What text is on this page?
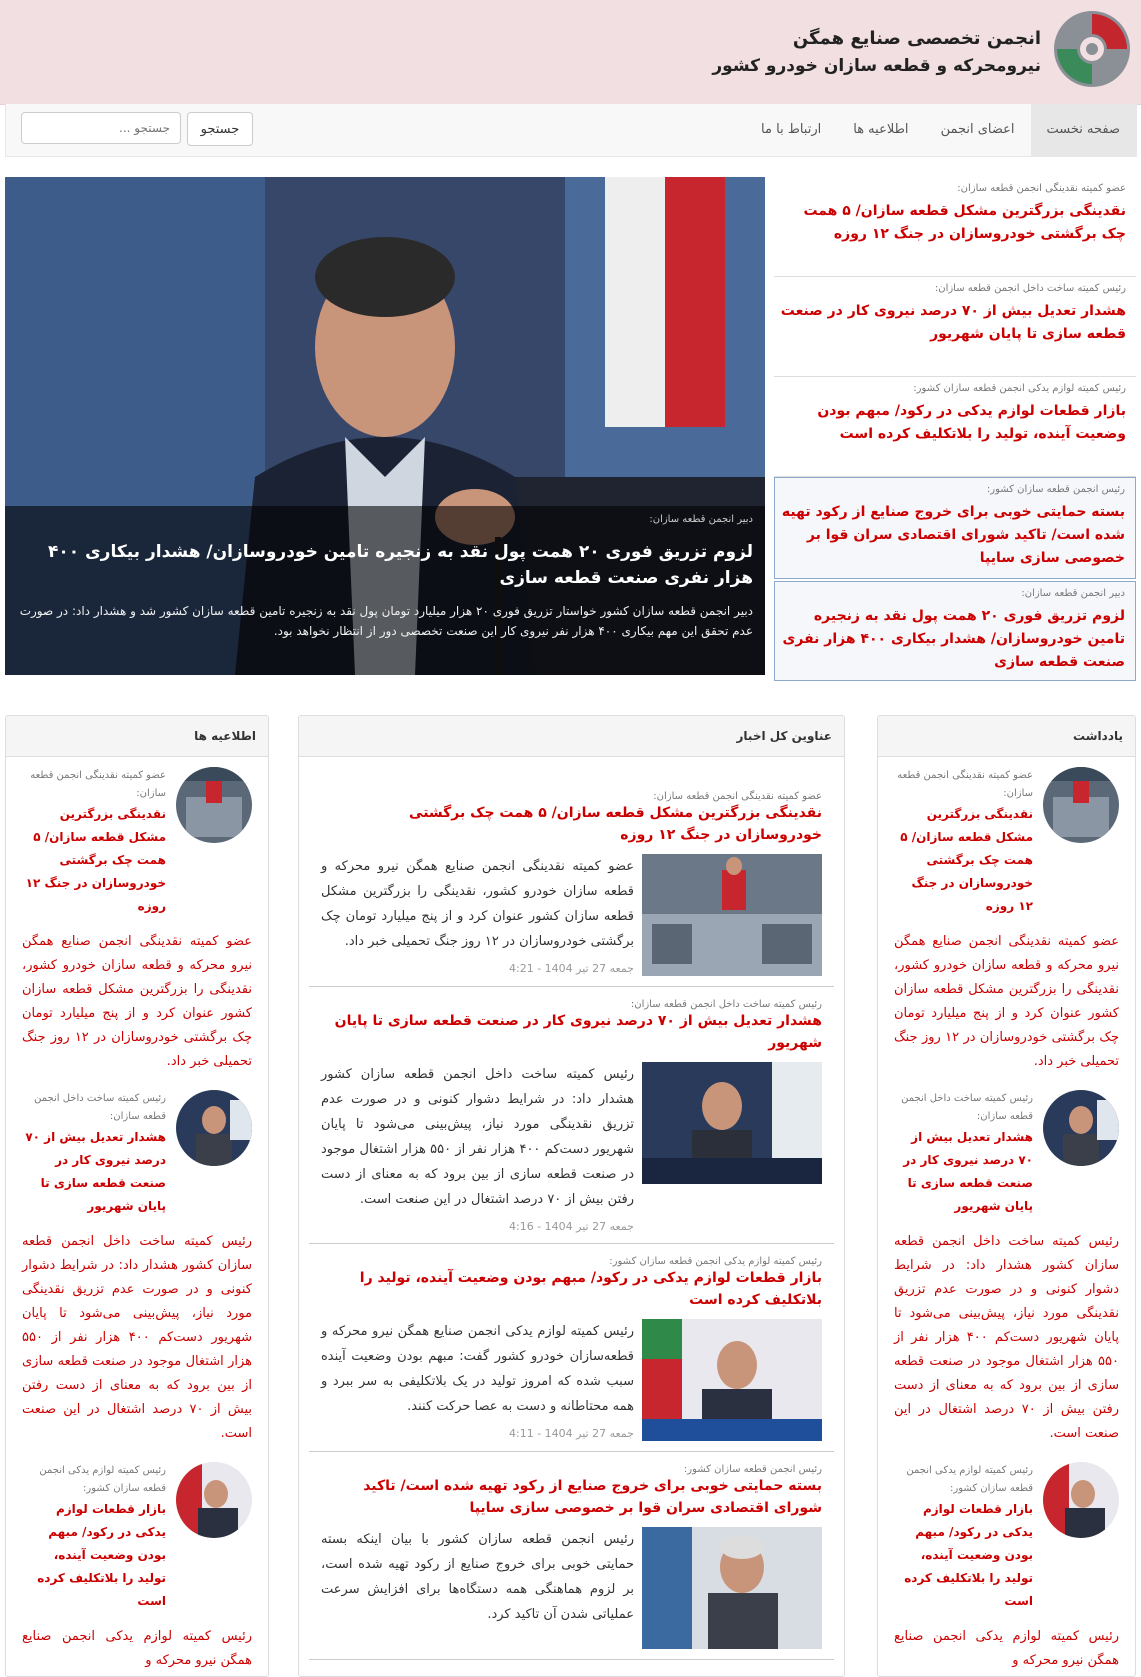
انجمن تخصصی صنایع همگن
نیرومحرکه و قطعه سازان خودرو کشور
صفحه نخست
اعضای انجمن
اطلاعیه ها
ارتباط با ما
جستجو ...
جستجو
دبیر انجمن قطعه سازان:
لزوم تزریق فوری ۲۰ همت پول نقد به زنجیره تامین خودروسازان/ هشدار بیکاری ۴۰۰ هزار نفری صنعت قطعه سازی
دبیر انجمن قطعه سازان کشور خواستار تزریق فوری ۲۰ هزار میلیارد تومان پول نقد به زنجیره تامین قطعه سازان کشور شد و هشدار داد: در صورت عدم تحقق این مهم بیکاری ۴۰۰ هزار نفر نیروی کار این صنعت تخصصی دور از انتظار نخواهد بود.
عضو کمیته نقدینگی انجمن قطعه سازان:
نقدینگی بزرگترین مشکل قطعه سازان/ ۵ همت چک برگشتی خودروسازان در جنگ ۱۲ روزه
رئیس کمیته ساخت داخل انجمن قطعه سازان:
هشدار تعدیل بیش از ۷۰ درصد نیروی کار در صنعت قطعه سازی تا پایان شهریور
رئیس کمیته لوازم یدکی انجمن قطعه سازان کشور:
بازار قطعات لوازم یدکی در رکود/ مبهم بودن وضعیت آینده، تولید را بلاتکلیف کرده است
رئیس انجمن قطعه سازان کشور:
بسته حمایتی خوبی برای خروج صنایع از رکود تهیه شده است/ تاکید شورای اقتصادی سران قوا بر خصوصی سازی سایپا
دبیر انجمن قطعه سازان:
لزوم تزریق فوری ۲۰ همت پول نقد به زنجیره تامین خودروسازان/ هشدار بیکاری ۴۰۰ هزار نفری صنعت قطعه سازی
یادداشت
عضو کمیته نقدینگی انجمن قطعه سازان:
نقدینگی بزرگترین مشکل قطعه سازان/ ۵ همت چک برگشتی خودروسازان در جنگ ۱۲ روزه
عضو کمیته نقدینگی انجمن صنایع همگن نیرو محرکه و قطعه سازان خودرو کشور، نقدینگی را بزرگترین مشکل قطعه سازان کشور عنوان کرد و از پنج میلیارد تومان چک برگشتی خودروسازان در ۱۲ روز جنگ تحمیلی خبر داد.
رئیس کمیته ساخت داخل انجمن قطعه سازان:
هشدار تعدیل بیش از ۷۰ درصد نیروی کار در صنعت قطعه سازی تا پایان شهریور
رئیس کمیته ساخت داخل انجمن قطعه سازان کشور هشدار داد: در شرایط دشوار کنونی و در صورت عدم تزریق نقدینگی مورد نیاز، پیش‌بینی می‌شود تا پایان شهریور دست‌کم ۴۰۰ هزار نفر از ۵۵۰ هزار اشتغال موجود در صنعت قطعه سازی از بین برود که به معنای از دست رفتن بیش از ۷۰ درصد اشتغال در این صنعت است.
رئیس کمیته لوازم یدکی انجمن قطعه سازان کشور:
بازار قطعات لوازم یدکی در رکود/ مبهم بودن وضعیت آینده، تولید را بلاتکلیف کرده است
رئیس کمیته لوازم یدکی انجمن صنایع همگن نیرو محرکه و
عناوین کل اخبار
عضو کمیته نقدینگی انجمن قطعه سازان:
نقدینگی بزرگترین مشکل قطعه سازان/ ۵ همت چک برگشتی خودروسازان در جنگ ۱۲ روزه
عضو کمیته نقدینگی انجمن صنایع همگن نیرو محرکه و قطعه سازان خودرو کشور، نقدینگی را بزرگترین مشکل قطعه سازان کشور عنوان کرد و از پنج میلیارد تومان چک برگشتی خودروسازان در ۱۲ روز جنگ تحمیلی خبر داد.
جمعه 27 تیر 1404 - 4:21
رئیس کمیته ساخت داخل انجمن قطعه سازان:
هشدار تعدیل بیش از ۷۰ درصد نیروی کار در صنعت قطعه سازی تا پایان شهریور
رئیس کمیته ساخت داخل انجمن قطعه سازان کشور هشدار داد: در شرایط دشوار کنونی و در صورت عدم تزریق نقدینگی مورد نیاز، پیش‌بینی می‌شود تا پایان شهریور دست‌کم ۴۰۰ هزار نفر از ۵۵۰ هزار اشتغال موجود در صنعت قطعه سازی از بین برود که به معنای از دست رفتن بیش از ۷۰ درصد اشتغال در این صنعت است.
جمعه 27 تیر 1404 - 4:16
رئیس کمیته لوازم یدکی انجمن قطعه سازان کشور:
بازار قطعات لوازم یدکی در رکود/ مبهم بودن وضعیت آینده، تولید را بلاتکلیف کرده است
رئیس کمیته لوازم یدکی انجمن صنایع همگن نیرو محرکه و قطعه‌سازان خودرو کشور گفت: مبهم بودن وضعیت آینده سبب شده که امروز تولید در یک بلاتکلیفی به سر ببرد و همه محتاطانه و دست به عصا حرکت کنند.
جمعه 27 تیر 1404 - 4:11
رئیس انجمن قطعه سازان کشور:
بسته حمایتی خوبی برای خروج صنایع از رکود تهیه شده است/ تاکید شورای اقتصادی سران قوا بر خصوصی سازی سایپا
رئیس انجمن قطعه سازان کشور با بیان اینکه بسته حمایتی خوبی برای خروج صنایع از رکود تهیه شده است، بر لزوم هماهنگی همه دستگاه‌ها برای افزایش سرعت عملیاتی شدن آن تاکید کرد.
اطلاعیه ها
عضو کمیته نقدینگی انجمن قطعه سازان:
نقدینگی بزرگترین مشکل قطعه سازان/ ۵ همت چک برگشتی خودروسازان در جنگ ۱۲ روزه
عضو کمیته نقدینگی انجمن صنایع همگن نیرو محرکه و قطعه سازان خودرو کشور، نقدینگی را بزرگترین مشکل قطعه سازان کشور عنوان کرد و از پنج میلیارد تومان چک برگشتی خودروسازان در ۱۲ روز جنگ تحمیلی خبر داد.
رئیس کمیته ساخت داخل انجمن قطعه سازان:
هشدار تعدیل بیش از ۷۰ درصد نیروی کار در صنعت قطعه سازی تا پایان شهریور
رئیس کمیته ساخت داخل انجمن قطعه سازان کشور هشدار داد: در شرایط دشوار کنونی و در صورت عدم تزریق نقدینگی مورد نیاز، پیش‌بینی می‌شود تا پایان شهریور دست‌کم ۴۰۰ هزار نفر از ۵۵۰ هزار اشتغال موجود در صنعت قطعه سازی از بین برود که به معنای از دست رفتن بیش از ۷۰ درصد اشتغال در این صنعت است.
رئیس کمیته لوازم یدکی انجمن قطعه سازان کشور:
بازار قطعات لوازم یدکی در رکود/ مبهم بودن وضعیت آینده، تولید را بلاتکلیف کرده است
رئیس کمیته لوازم یدکی انجمن صنایع همگن نیرو محرکه و
